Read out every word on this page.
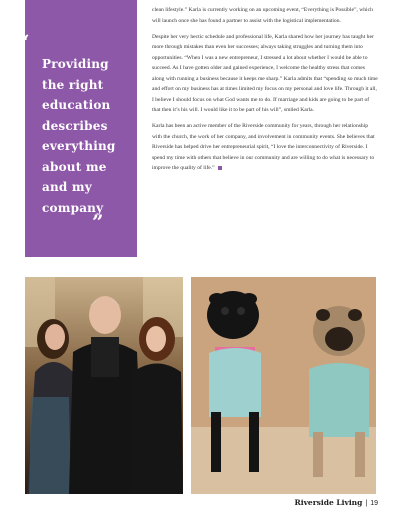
“

Providing the right education describes everything about me and my company

”

clean lifestyle.” Karla is currently working on an upcoming event, “Everything is Possible”, which will launch once she has found a partner to assist with the logistical implementation.

Despite her very hectic schedule and professional life, Karla shared how her journey has taught her more through mistakes than even her successes; always taking struggles and turning them into opportunities. “When I was a new entrepreneur, I stressed a lot about whether I would be able to succeed. As I have gotten older and gained experience, I welcome the healthy stress that comes along with running a business because it keeps me sharp.” Karla admits that “spending so much time and effort on my business has at times limited my focus on my personal and love life. Through it all, I believe I should focus on what God wants me to do. If marriage and kids are going to be part of that then it’s his will. I would like it to be part of his will”, smiled Karla.

Karla has been an active member of the Riverside community for years, through her relationship with the church, the work of her company, and involvement in community events. She believes that Riverside has helped drive her entrepreneurial spirit, “I love the interconnectivity of Riverside. I spend my time with others that believe in our community and are willing to do what is necessary to improve the quality of life.”

Riverside Living | 19
